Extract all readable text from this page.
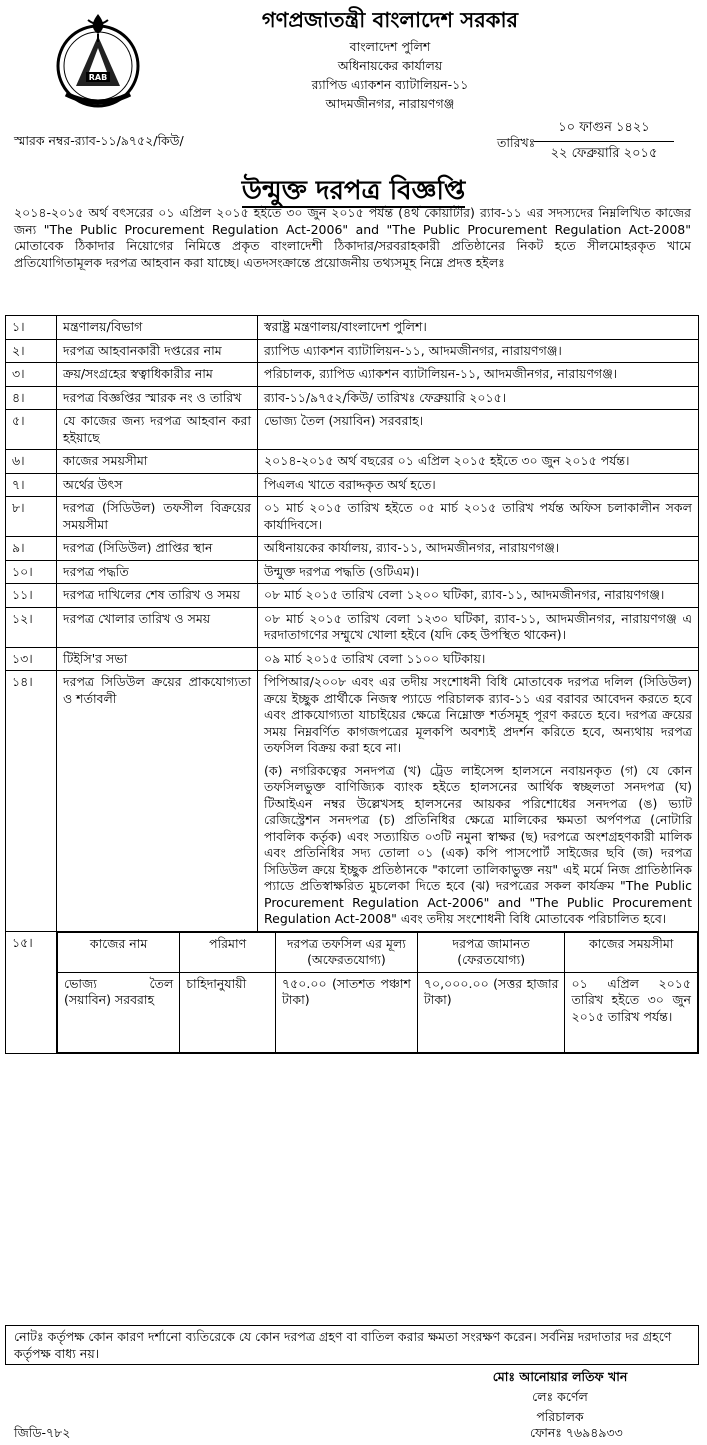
RAB
গণপ্রজাতন্ত্রী বাংলাদেশ সরকার
বাংলাদেশ পুলিশ
অধিনায়কের কার্যালয়
র‌্যাপিড এ্যাকশন ব্যাটালিয়ন-১১
আদমজীনগর, নারায়ণগঞ্জ
স্মারক নম্বর-র‌্যাব-১১/৯৭৫২/কিউ/	তারিখঃ
১০ ফাগুন ১৪২১
২২ ফেব্রুয়ারি ২০১৫
উন্মুক্ত দরপত্র বিজ্ঞপ্তি
২০১৪-২০১৫ অর্থ বৎসরের ০১ এপ্রিল ২০১৫ হইতে ৩০ জুন ২০১৫ পর্যন্ত (৪র্থ কোয়ার্টার) র‌্যাব-১১ এর সদস্যদের নিম্নলিখিত কাজের জন্য "The Public Procurement Regulation Act-2006" and "The Public Procurement Regulation Act-2008" মোতাবেক ঠিকাদার নিয়োগের নিমিত্তে প্রকৃত বাংলাদেশী ঠিকাদার/সরবরাহকারী প্রতিষ্ঠানের নিকট হতে সীলমোহরকৃত খামে প্রতিযোগিতামূলক দরপত্র আহবান করা যাচ্ছে। এতদসংক্রান্তে প্রয়োজনীয় তথ্যসমূহ নিম্নে প্রদত্ত হইলঃ
১।	মন্ত্রণালয়/বিভাগ	স্বরাষ্ট্র মন্ত্রণালয়/বাংলাদেশ পুলিশ।
২।	দরপত্র আহবানকারী দপ্তরের নাম	র‌্যাপিড এ্যাকশন ব্যাটালিয়ন-১১, আদমজীনগর, নারায়ণগঞ্জ।
৩।	ক্রয়/সংগ্রহের স্বত্বাধিকারীর নাম	পরিচালক, র‌্যাপিড এ্যাকশন ব্যাটালিয়ন-১১, আদমজীনগর, নারায়ণগঞ্জ।
৪।	দরপত্র বিজ্ঞপ্তির স্মারক নং ও তারিখ	র‌্যাব-১১/৯৭৫২/কিউ/ তারিখঃ ফেব্রুয়ারি ২০১৫।
৫।	যে কাজের জন্য দরপত্র আহবান করা হইয়াছে	ভোজ্য তৈল (সয়াবিন) সরবরাহ।
৬।	কাজের সময়সীমা	২০১৪-২০১৫ অর্থ বছরের ০১ এপ্রিল ২০১৫ হইতে ৩০ জুন ২০১৫ পর্যন্ত।
৭।	অর্থের উৎস	পিএলএ খাতে বরাদ্দকৃত অর্থ হতে।
৮।	দরপত্র (সিডিউল) তফসীল বিক্রয়ের সময়সীমা	০১ মার্চ ২০১৫ তারিখ হইতে ০৫ মার্চ ২০১৫ তারিখ পর্যন্ত অফিস চলাকালীন সকল কার্যাদিবসে।
৯।	দরপত্র (সিডিউল) প্রাপ্তির স্থান	অধিনায়কের কার্যালয়, র‌্যাব-১১, আদমজীনগর, নারায়ণগঞ্জ।
১০।	দরপত্র পদ্ধতি	উন্মুক্ত দরপত্র পদ্ধতি (ওটিএম)।
১১।	দরপত্র দাখিলের শেষ তারিখ ও সময়	০৮ মার্চ ২০১৫ তারিখ বেলা ১২০০ ঘটিকা, র‌্যাব-১১, আদমজীনগর, নারায়ণগঞ্জ।
১২।	দরপত্র খোলার তারিখ ও সময়	০৮ মার্চ ২০১৫ তারিখ বেলা ১২৩০ ঘটিকা, র‌্যাব-১১, আদমজীনগর, নারায়ণগঞ্জ এ দরদাতাগণের সম্মুখে খোলা হইবে (যদি কেহ উপস্থিত থাকেন)।
১৩।	টিইসি'র সভা	০৯ মার্চ ২০১৫ তারিখ বেলা ১১০০ ঘটিকায়।
১৪।	দরপত্র সিডিউল ক্রয়ের প্রাকযোগ্যতা ও শর্তাবলী	
পিপিআর/২০০৮ এবং এর তদীয় সংশোধনী বিধি মোতাবেক দরপত্র দলিল (সিডিউল) ক্রয়ে ইচ্ছুক প্রার্থীকে নিজস্ব প্যাডে পরিচালক র‌্যাব-১১ এর বরাবর আবেদন করতে হবে এবং প্রাকযোগ্যতা যাচাইয়ের ক্ষেত্রে নিম্নোক্ত শর্তসমূহ পূরণ করতে হবে। দরপত্র ক্রয়ের সময় নিম্নবর্ণিত কাগজপত্রের মূলকপি অবশ্যই প্রদর্শন করিতে হবে, অন্যথায় দরপত্র তফসিল বিক্রয় করা হবে না।
(ক) নগরিকত্বের সনদপত্র (খ) ট্রেড লাইসেন্স হালসনে নবায়নকৃত (গ) যে কোন তফসিলভুক্ত বাণিজ্যিক ব্যাংক হইতে হালসনের আর্থিক স্বচ্ছলতা সনদপত্র (ঘ) টিআইএন নম্বর উল্লেখসহ হালসনের আয়কর পরিশোধের সনদপত্র (ঙ) ভ্যাট রেজিস্ট্রেশন সনদপত্র (চ) প্রতিনিধির ক্ষেত্রে মালিকের ক্ষমতা অর্পণপত্র (নোটারি পাবলিক কর্তৃক) এবং সত্যায়িত ০৩টি নমুনা স্বাক্ষর (ছ) দরপত্রে অংশগ্রহণকারী মালিক এবং প্রতিনিধির সদ্য তোলা ০১ (এক) কপি পাসপোর্ট সাইজের ছবি (জ) দরপত্র সিডিউল ক্রয়ে ইচ্ছুক প্রতিষ্ঠানকে "কালো তালিকাভুক্ত নয়" এই মর্মে নিজ প্রাতিষ্ঠানিক প্যাডে প্রতিস্বাক্ষরিত মুচলেকা দিতে হবে (ঝ) দরপত্রের সকল কার্যক্রম "The Public Procurement Regulation Act-2006" and "The Public Procurement Regulation Act-2008" এবং তদীয় সংশোধনী বিধি মোতাবেক পরিচালিত হবে।

১৫।		কাজের নাম	পরিমাণ	দরপত্র তফসিল এর মূল্য (অফেরতযোগ্য)	দরপত্র জামানত (ফেরতযোগ্য)	কাজের সময়সীমা
ভোজ্য তৈল (সয়াবিন) সরবরাহ	চাহিদানুযায়ী	৭৫০.০০ (সাতশত পঞ্চাশ টাকা)	৭০,০০০.০০ (সত্তর হাজার টাকা)	০১ এপ্রিল ২০১৫ তারিখ হইতে ৩০ জুন ২০১৫ তারিখ পর্যন্ত।
নোটঃ কর্তৃপক্ষ কোন কারণ দর্শানো ব্যতিরেকে যে কোন দরপত্র গ্রহণ বা বাতিল করার ক্ষমতা সংরক্ষণ করেন। সর্বনিম্ন দরদাতার দর গ্রহণে কর্তৃপক্ষ বাধ্য নয়।
মোঃ আনোয়ার লতিফ খান
লেঃ কর্ণেল
পরিচালক
জিডি-৭৮২	ফোনঃ ৭৬৯৪৯৩৩
